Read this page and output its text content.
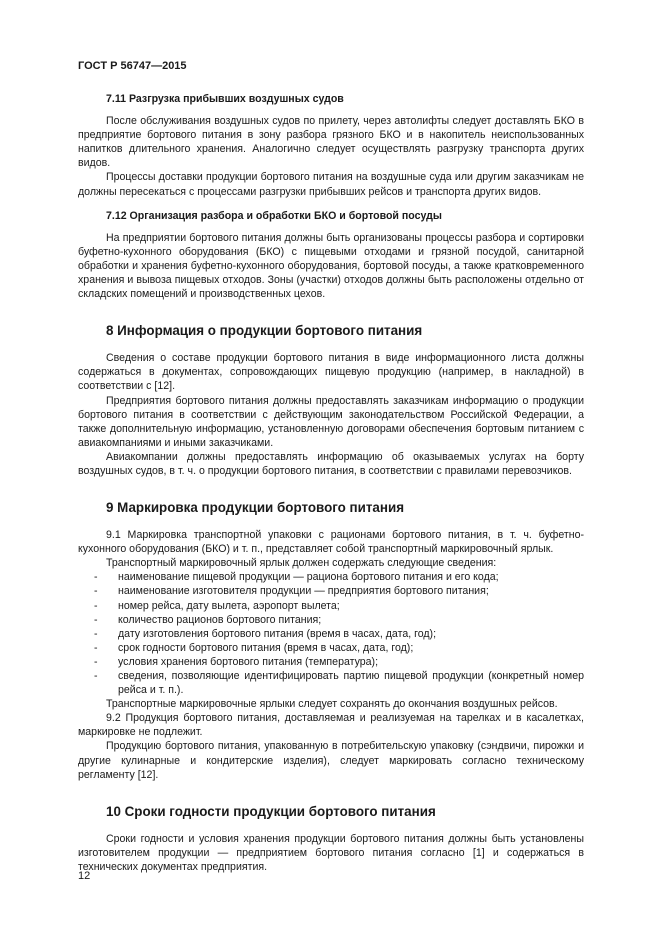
ГОСТ Р 56747—2015
7.11 Разгрузка прибывших воздушных судов

После обслуживания воздушных судов по прилету, через автолифты следует доставлять БКО в предприятие бортового питания в зону разбора грязного БКО и в накопитель неиспользованных напитков длительного хранения. Аналогично следует осуществлять разгрузку транспорта других видов.

Процессы доставки продукции бортового питания на воздушные суда или другим заказчикам не должны пересекаться с процессами разгрузки прибывших рейсов и транспорта других видов.

7.12 Организация разбора и обработки БКО и бортовой посуды

На предприятии бортового питания должны быть организованы процессы разбора и сортировки буфетно-кухонного оборудования (БКО) с пищевыми отходами и грязной посудой, санитарной обработки и хранения буфетно-кухонного оборудования, бортовой посуды, а также кратковременного хранения и вывоза пищевых отходов. Зоны (участки) отходов должны быть расположены отдельно от складских помещений и производственных цехов.

8 Информация о продукции бортового питания

Сведения о составе продукции бортового питания в виде информационного листа должны содержаться в документах, сопровождающих пищевую продукцию (например, в накладной) в соответствии с [12].

Предприятия бортового питания должны предоставлять заказчикам информацию о продукции бортового питания в соответствии с действующим законодательством Российской Федерации, а также дополнительную информацию, установленную договорами обеспечения бортовым питанием с авиакомпаниями и иными заказчиками.

Авиакомпании должны предоставлять информацию об оказываемых услугах на борту воздушных судов, в т. ч. о продукции бортового питания, в соответствии с правилами перевозчиков.

9 Маркировка продукции бортового питания

9.1 Маркировка транспортной упаковки с рационами бортового питания, в т. ч. буфетно-кухонного оборудования (БКО) и т. п., представляет собой транспортный маркировочный ярлык.

Транспортный маркировочный ярлык должен содержать следующие сведения:

- наименование пищевой продукции — рациона бортового питания и его кода;

- наименование изготовителя продукции — предприятия бортового питания;

- номер рейса, дату вылета, аэропорт вылета;

- количество рационов бортового питания;

- дату изготовления бортового питания (время в часах, дата, год);

- срок годности бортового питания (время в часах, дата, год);

- условия хранения бортового питания (температура);

- сведения, позволяющие идентифицировать партию пищевой продукции (конкретный номер рейса и т. п.).

Транспортные маркировочные ярлыки следует сохранять до окончания воздушных рейсов.

9.2 Продукция бортового питания, доставляемая и реализуемая на тарелках и в касалетках, маркировке не подлежит.

Продукцию бортового питания, упакованную в потребительскую упаковку (сэндвичи, пирожки и другие кулинарные и кондитерские изделия), следует маркировать согласно техническому регламенту [12].

10 Сроки годности продукции бортового питания

Сроки годности и условия хранения продукции бортового питания должны быть установлены изготовителем продукции — предприятием бортового питания согласно [1] и содержаться в технических документах предприятия.

12
